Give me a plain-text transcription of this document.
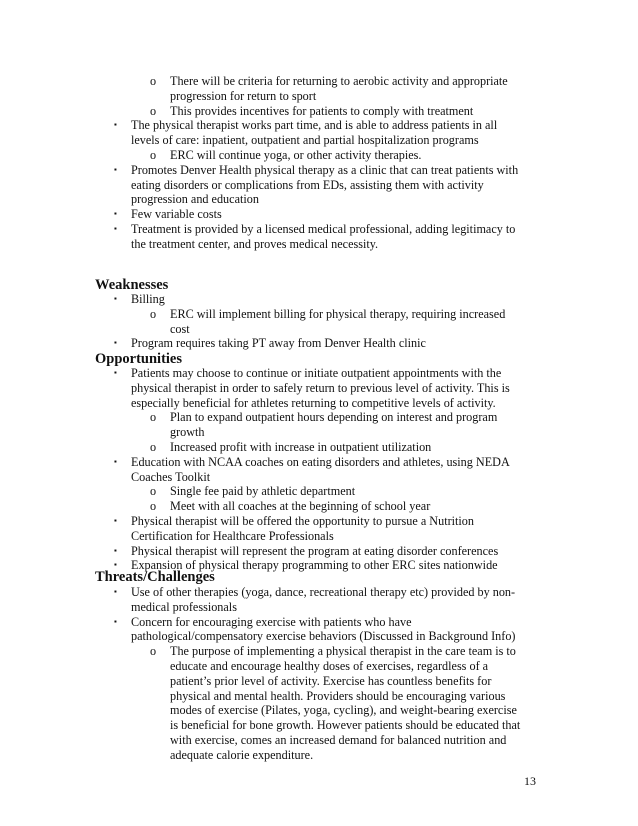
o There will be criteria for returning to aerobic activity and appropriate progression for return to sport
o This provides incentives for patients to comply with treatment
▪ The physical therapist works part time, and is able to address patients in all levels of care: inpatient, outpatient and partial hospitalization programs
o ERC will continue yoga, or other activity therapies.
▪ Promotes Denver Health physical therapy as a clinic that can treat patients with eating disorders or complications from EDs, assisting them with activity progression and education
▪ Few variable costs
▪ Treatment is provided by a licensed medical professional, adding legitimacy to the treatment center, and proves medical necessity.
Weaknesses
▪ Billing
o ERC will implement billing for physical therapy, requiring increased cost
▪ Program requires taking PT away from Denver Health clinic
Opportunities
▪ Patients may choose to continue or initiate outpatient appointments with the physical therapist in order to safely return to previous level of activity. This is especially beneficial for athletes returning to competitive levels of activity.
o Plan to expand outpatient hours depending on interest and program growth
o Increased profit with increase in outpatient utilization
▪ Education with NCAA coaches on eating disorders and athletes, using NEDA Coaches Toolkit
o Single fee paid by athletic department
o Meet with all coaches at the beginning of school year
▪ Physical therapist will be offered the opportunity to pursue a Nutrition Certification for Healthcare Professionals
▪ Physical therapist will represent the program at eating disorder conferences
▪ Expansion of physical therapy programming to other ERC sites nationwide
Threats/Challenges
▪ Use of other therapies (yoga, dance, recreational therapy etc) provided by non-medical professionals
▪ Concern for encouraging exercise with patients who have pathological/compensatory exercise behaviors (Discussed in Background Info)
o The purpose of implementing a physical therapist in the care team is to educate and encourage healthy doses of exercises, regardless of a patient’s prior level of activity. Exercise has countless benefits for physical and mental health. Providers should be encouraging various modes of exercise (Pilates, yoga, cycling), and weight-bearing exercise is beneficial for bone growth. However patients should be educated that with exercise, comes an increased demand for balanced nutrition and adequate calorie expenditure.
13
